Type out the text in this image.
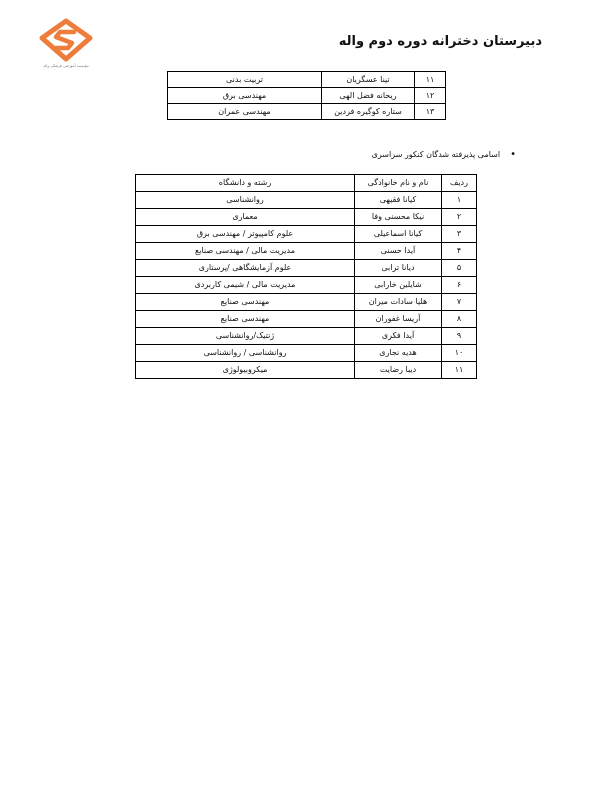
مؤسسه آموزشی فرهنگی واله
دبیرستان دخترانه دوره دوم واله
۱۱	تینا عسگریان	تربیت بدنی
۱۲	ریحانه فضل الهی	مهندسی برق
۱۳	ستاره کوگیره فردین	مهندسی عمران
•اسامی پذیرفته شدگان کنکور سراسری
ردیف	نام و نام خانوادگی	رشته و دانشگاه
۱	کیانا فقیهی	روانشناسی
۲	نیکا محسنی وفا	معماری
۳	کیانا اسماعیلی	علوم کامپیوتر / مهندسی برق
۴	آیدا حسنی	مدیریت مالی / مهندسی صنایع
۵	دیانا ترابی	علوم آزمایشگاهی /پرستاری
۶	شایلین خارابی	مدیریت مالی / شیمی کاربردی
۷	هلیا سادات میران	مهندسی صنایع
۸	آریسا غفوران	مهندسی صنایع
۹	آیدا فکری	ژنتیک/روانشناسی
۱۰	هدیه نجاری	روانشناسی / روانشناسی
۱۱	دیبا رضایت	میکروبیولوژی
